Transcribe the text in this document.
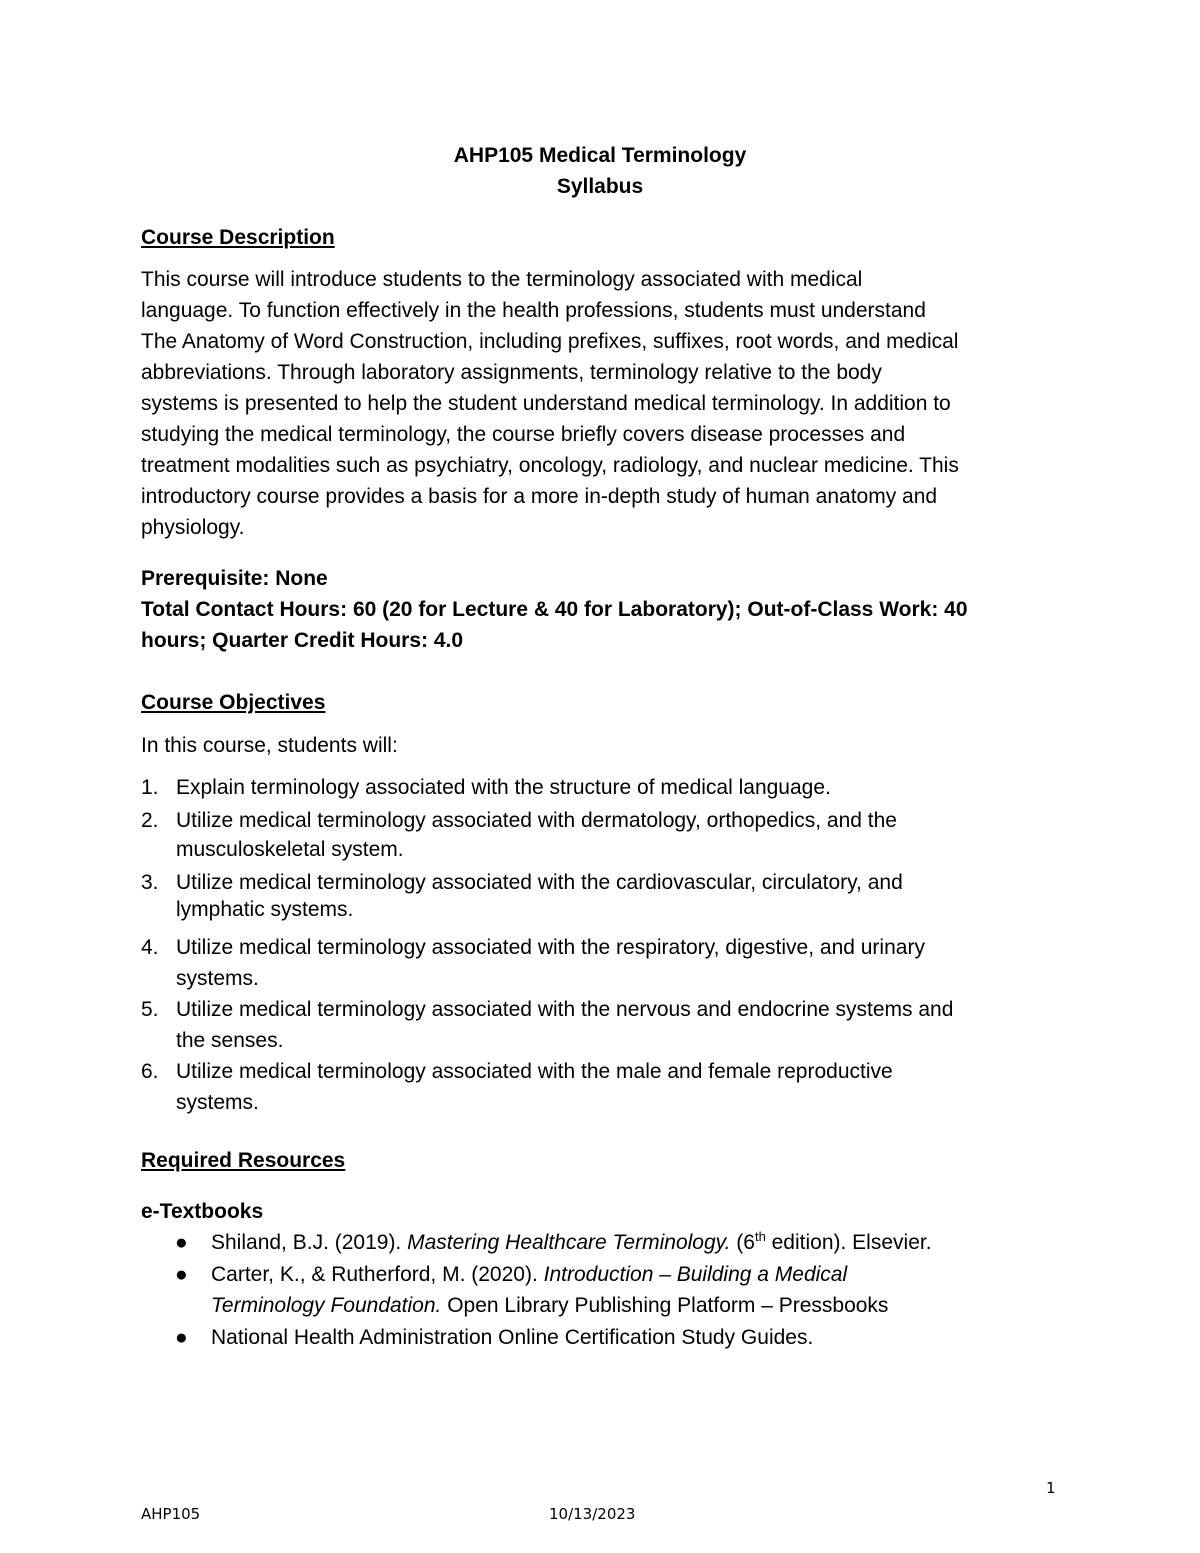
AHP105 Medical Terminology
Syllabus
Course Description
This course will introduce students to the terminology associated with medical
language. To function effectively in the health professions, students must understand
The Anatomy of Word Construction, including prefixes, suffixes, root words, and medical
abbreviations. Through laboratory assignments, terminology relative to the body
systems is presented to help the student understand medical terminology. In addition to
studying the medical terminology, the course briefly covers disease processes and
treatment modalities such as psychiatry, oncology, radiology, and nuclear medicine. This
introductory course provides a basis for a more in-depth study of human anatomy and
physiology.
Prerequisite: None
Total Contact Hours: 60 (20 for Lecture & 40 for Laboratory); Out-of-Class Work: 40
hours; Quarter Credit Hours: 4.0
Course Objectives
In this course, students will:
1. Explain terminology associated with the structure of medical language.
2. Utilize medical terminology associated with dermatology, orthopedics, and the
musculoskeletal system.
3. Utilize medical terminology associated with the cardiovascular, circulatory, and
lymphatic systems.
4. Utilize medical terminology associated with the respiratory, digestive, and urinary
systems.
5. Utilize medical terminology associated with the nervous and endocrine systems and
the senses.
6. Utilize medical terminology associated with the male and female reproductive
systems.
Required Resources
e-Textbooks
● Shiland, B.J. (2019). Mastering Healthcare Terminology. (6th edition). Elsevier.
● Carter, K., & Rutherford, M. (2020). Introduction – Building a Medical
Terminology Foundation. Open Library Publishing Platform – Pressbooks
● National Health Administration Online Certification Study Guides.
1
AHP105	10/13/2023
